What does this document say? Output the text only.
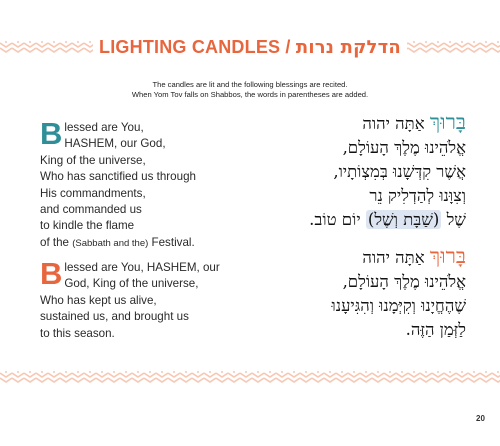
LIGHTING CANDLES / הדלקת נרות
The candles are lit and the following blessings are recited.
When Yom Tov falls on Shabbos, the words in parentheses are added.
B lessed are You,
HASHEM, our God,
King of the universe,
Who has sanctified us through
His commandments,
and commanded us
to kindle the flame
of the (Sabbath and the) Festival.
בָּרוּךְ אַתָּה יהוה
אֱלֹהֵינוּ מֶלֶךְ הָעוֹלָם,
אֲשֶׁר קִדְּשָׁנוּ בְּמִצְוֹתָיו,
וְצִוָּנוּ לְהַדְלִיק נֵר
שֶׁל (שַׁבָּת וְשֶׁל) יוֹם טוֹב.
B lessed are You, HASHEM, our
God, King of the universe,
Who has kept us alive,
sustained us, and brought us
to this season.
בָּרוּךְ אַתָּה יהוה
אֱלֹהֵינוּ מֶלֶךְ הָעוֹלָם,
שֶׁהֶחֱיָנוּ וְקִיְּמָנוּ וְהִגִּיעָנוּ
לַזְּמַן הַזֶּה.
20
